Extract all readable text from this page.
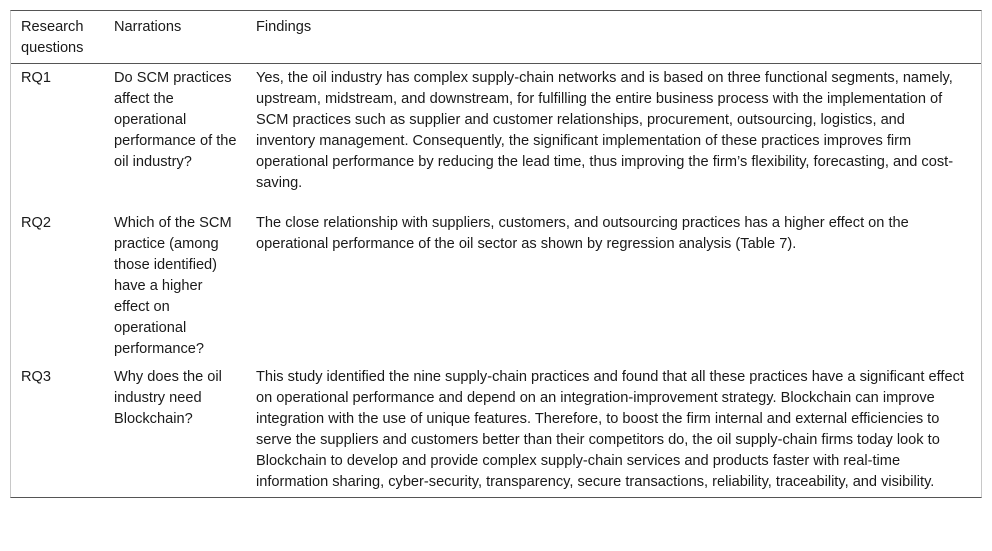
Research questions	Narrations	Findings
RQ1	Do SCM practices affect the operational performance of the oil industry?	Yes, the oil industry has complex supply-chain networks and is based on three functional segments, namely, upstream, midstream, and downstream, for fulfilling the entire business process with the implementation of SCM practices such as supplier and customer relationships, procurement, outsourcing, logistics, and inventory management. Consequently, the significant implementation of these practices improves firm operational performance by reducing the lead time, thus improving the firm’s flexibility, forecasting, and cost-saving.
RQ2	Which of the SCM practice (among those identified) have a higher effect on operational performance?	The close relationship with suppliers, customers, and outsourcing practices has a higher effect on the operational performance of the oil sector as shown by regression analysis (Table 7).
RQ3	Why does the oil industry need Blockchain?	This study identified the nine supply-chain practices and found that all these practices have a significant effect on operational performance and depend on an integration-improvement strategy. Blockchain can improve integration with the use of unique features. Therefore, to boost the firm internal and external efficiencies to serve the suppliers and customers better than their competitors do, the oil supply-chain firms today look to Blockchain to develop and provide complex supply-chain services and products faster with real-time information sharing, cyber-security, transparency, secure transactions, reliability, traceability, and visibility.
